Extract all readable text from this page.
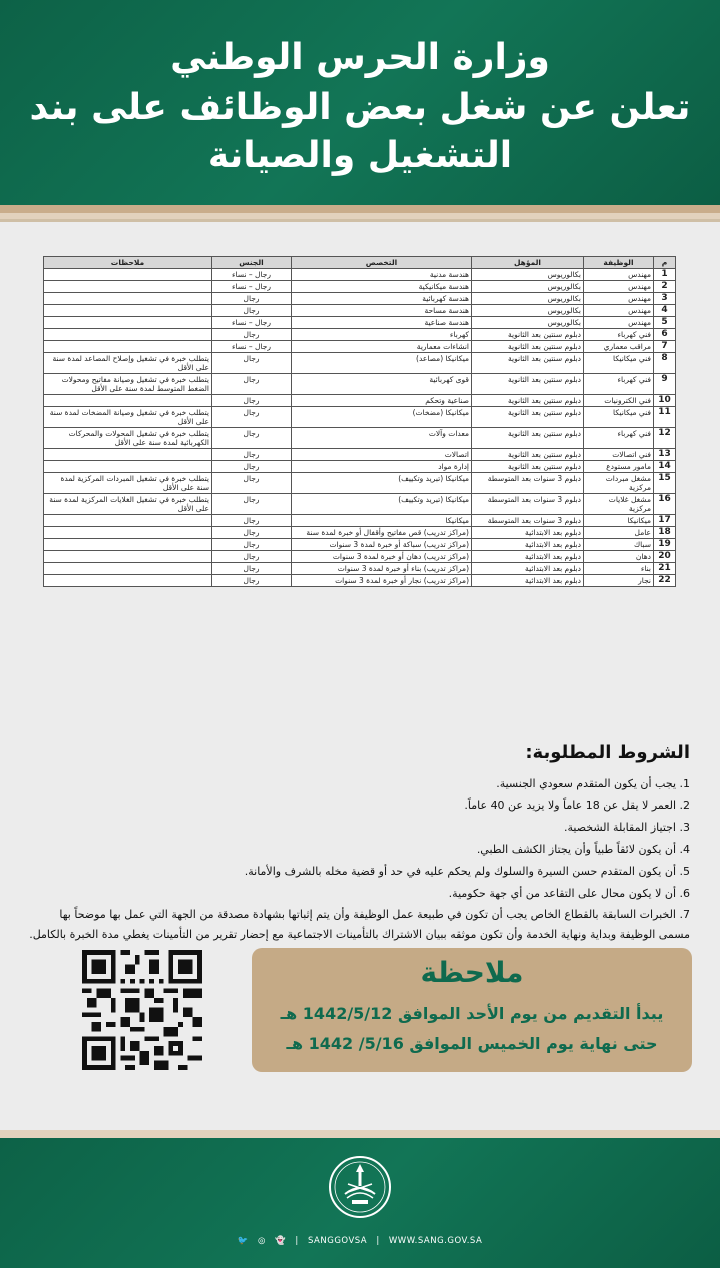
وزارة الحرس الوطني
تعلن عن شغل بعض الوظائف على بند
التشغيل والصيانة
م	الوظيفة	المؤهل	التخصص	الجنس	ملاحظات
1	مهندس	بكالوريوس	هندسة مدنية	رجال – نساء	
2	مهندس	بكالوريوس	هندسة ميكانيكية	رجال – نساء	
3	مهندس	بكالوريوس	هندسة كهربائية	رجال	
4	مهندس	بكالوريوس	هندسة مساحة	رجال	
5	مهندس	بكالوريوس	هندسة صناعية	رجال – نساء	
6	فني كهرباء	دبلوم سنتين بعد الثانوية	كهرباء	رجال	
7	مراقب معماري	دبلوم سنتين بعد الثانوية	انشاءات معمارية	رجال – نساء	
8	فني ميكانيكا	دبلوم سنتين بعد الثانوية	ميكانيكا (مصاعد)	رجال	يتطلب خبرة في تشغيل وإصلاح المصاعد لمدة سنة على الأقل
9	فني كهرباء	دبلوم سنتين بعد الثانوية	قوى كهربائية	رجال	يتطلب خبرة في تشغيل وصيانة مفاتيح ومحولات الضغط المتوسط لمدة سنة على الأقل
10	فني الكترونيات	دبلوم سنتين بعد الثانوية	صناعية وتحكم	رجال	
11	فني ميكانيكا	دبلوم سنتين بعد الثانوية	ميكانيكا (مضخات)	رجال	يتطلب خبرة في تشغيل وصيانة المضخات لمدة سنة على الأقل
12	فني كهرباء	دبلوم سنتين بعد الثانوية	معدات وآلات	رجال	يتطلب خبرة في تشغيل المحولات والمحركات الكهربائية لمدة سنة على الأقل
13	فني اتصالات	دبلوم سنتين بعد الثانوية	اتصالات	رجال	
14	مامور مستودع	دبلوم سنتين بعد الثانوية	إدارة مواد	رجال	
15	مشغل مبردات مركزية	دبلوم 3 سنوات بعد المتوسطة	ميكانيكا (تبريد وتكييف)	رجال	يتطلب خبرة في تشغيل المبردات المركزية لمدة سنة على الأقل
16	مشغل غلايات مركزية	دبلوم 3 سنوات بعد المتوسطة	ميكانيكا (تبريد وتكييف)	رجال	يتطلب خبرة في تشغيل الغلايات المركزية لمدة سنة على الأقل
17	ميكانيكا	دبلوم 3 سنوات بعد المتوسطة	ميكانيكا	رجال	
18	عامل	دبلوم بعد الابتدائية	(مراكز تدريب) قص مفاتيح وأقفال أو خبرة لمدة سنة	رجال	
19	سباك	دبلوم بعد الابتدائية	(مراكز تدريب) سباكة أو خبرة لمدة 3 سنوات	رجال	
20	دهان	دبلوم بعد الابتدائية	(مراكز تدريب) دهان أو خبرة لمدة 3 سنوات	رجال	
21	بناء	دبلوم بعد الابتدائية	(مراكز تدريب) بناء أو خبرة لمدة 3 سنوات	رجال	
22	نجار	دبلوم بعد الابتدائية	(مراكز تدريب) نجار أو خبرة لمدة 3 سنوات	رجال	
الشروط المطلوبة:
1. يجب أن يكون المتقدم سعودي الجنسية.
2. العمر لا يقل عن 18 عاماً ولا يزيد عن 40 عاماً.
3. اجتياز المقابلة الشخصية.
4. أن يكون لائقاً طبياً وأن يجتاز الكشف الطبي.
5. أن يكون المتقدم حسن السيرة والسلوك ولم يحكم عليه في حد أو قضية مخله بالشرف والأمانة.
6. أن لا يكون محال على التقاعد من أي جهة حكومية.
7. الخبرات السابقة بالقطاع الخاص يجب أن تكون في طبيعة عمل الوظيفة وأن يتم إثباتها بشهادة مصدقة من الجهة التي عمل بها موضحاً بها مسمى الوظيفة وبداية ونهاية الخدمة وأن تكون موثقه ببيان الاشتراك بالتأمينات الاجتماعية مع إحضار تقرير من التأمينات يغطي مدة الخبرة بالكامل.
ملاحظة
يبدأ التقديم من يوم الأحد الموافق 1442/5/12 هـ
حتى نهاية يوم الخميس الموافق 5/16/ 1442 هـ
🐦 ◎ 👻 | SANGGOVSA | WWW.SANG.GOV.SA
